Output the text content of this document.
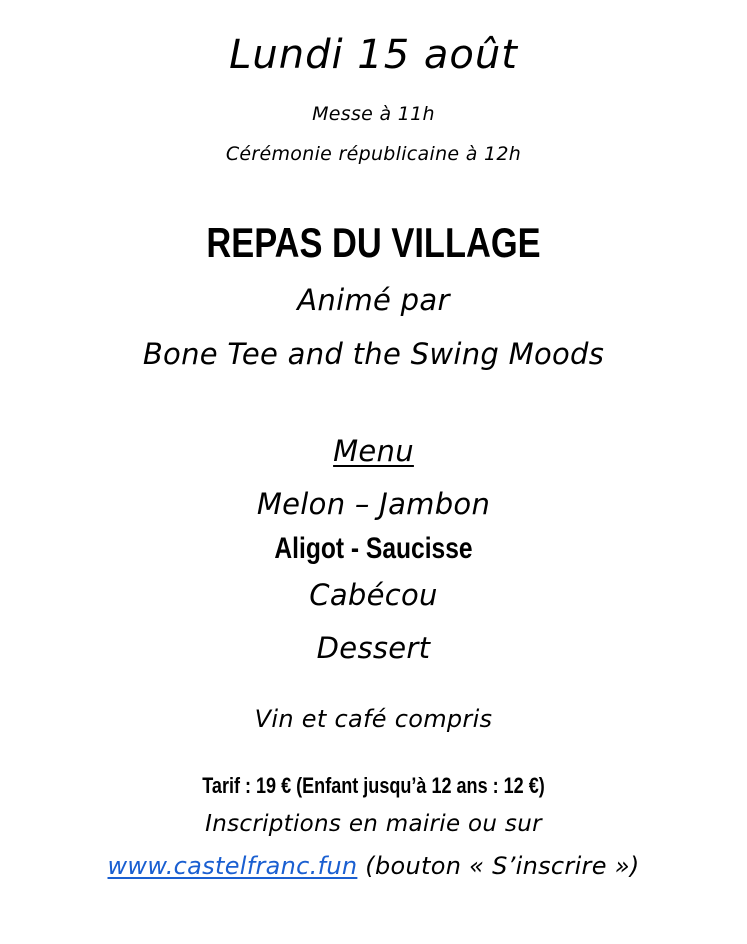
Lundi 15 août
Messe à 11h
Cérémonie républicaine à 12h
REPAS DU VILLAGE
Animé par
Bone Tee and the Swing Moods
Menu
Melon – Jambon
Aligot - Saucisse
Cabécou
Dessert
Vin et café compris
Tarif : 19 € (Enfant jusqu’à 12 ans : 12 €)
Inscriptions en mairie ou sur
www.castelfranc.fun (bouton « S’inscrire »)
